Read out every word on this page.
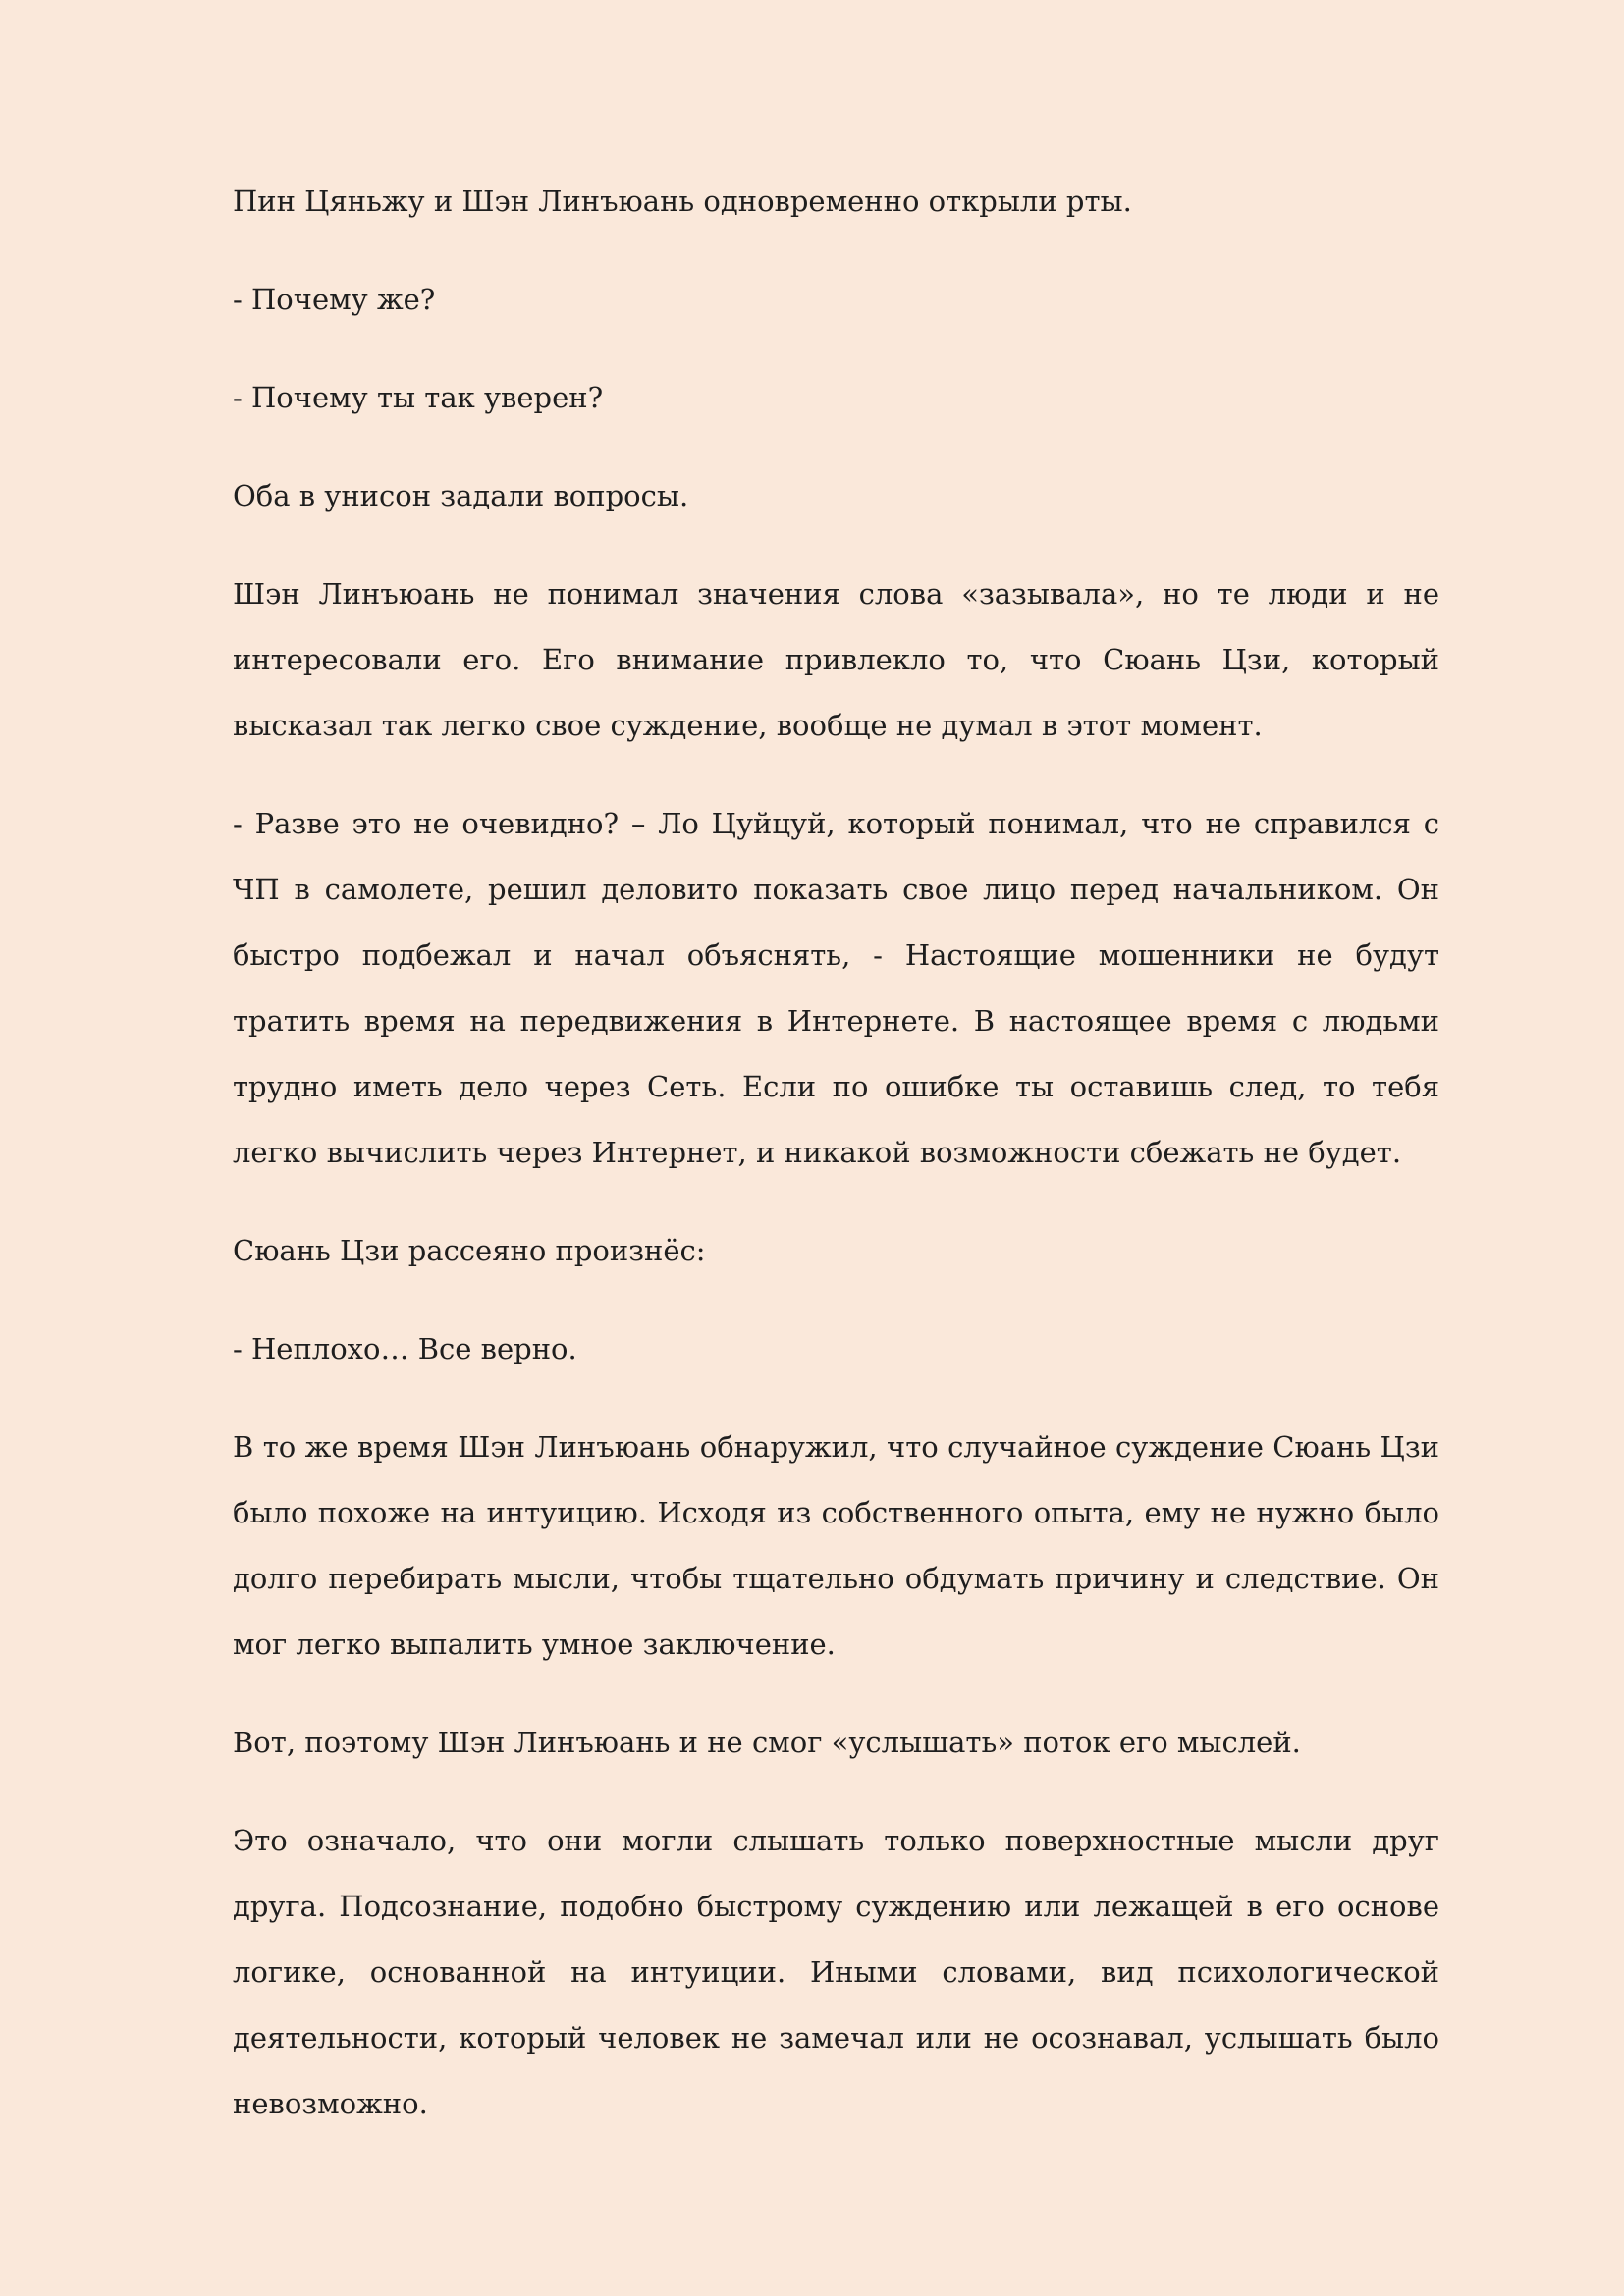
Пин Цяньжу и Шэн Линъюань одновременно открыли рты.

- Почему же?

- Почему ты так уверен?

Оба в унисон задали вопросы.

Шэн Линъюань не понимал значения слова «зазывала», но те люди и не интересовали его. Его внимание привлекло то, что Сюань Цзи, который высказал так легко свое суждение, вообще не думал в этот момент.

- Разве это не очевидно? – Ло Цуйцуй, который понимал, что не справился с ЧП в самолете, решил деловито показать свое лицо перед начальником. Он быстро подбежал и начал объяснять, - Настоящие мошенники не будут тратить время на передвижения в Интернете. В настоящее время с людьми трудно иметь дело через Сеть. Если по ошибке ты оставишь след, то тебя легко вычислить через Интернет, и никакой возможности сбежать не будет.

Сюань Цзи рассеяно произнёс:

- Неплохо… Все верно.

В то же время Шэн Линъюань обнаружил, что случайное суждение Сюань Цзи было похоже на интуицию. Исходя из собственного опыта, ему не нужно было долго перебирать мысли, чтобы тщательно обдумать причину и следствие. Он мог легко выпалить умное заключение.

Вот, поэтому Шэн Линъюань и не смог «услышать» поток его мыслей.

Это означало, что они могли слышать только поверхностные мысли друг друга. Подсознание, подобно быстрому суждению или лежащей в его основе логике, основанной на интуиции. Иными словами, вид психологической деятельности, который человек не замечал или не осознавал, услышать было невозможно.
